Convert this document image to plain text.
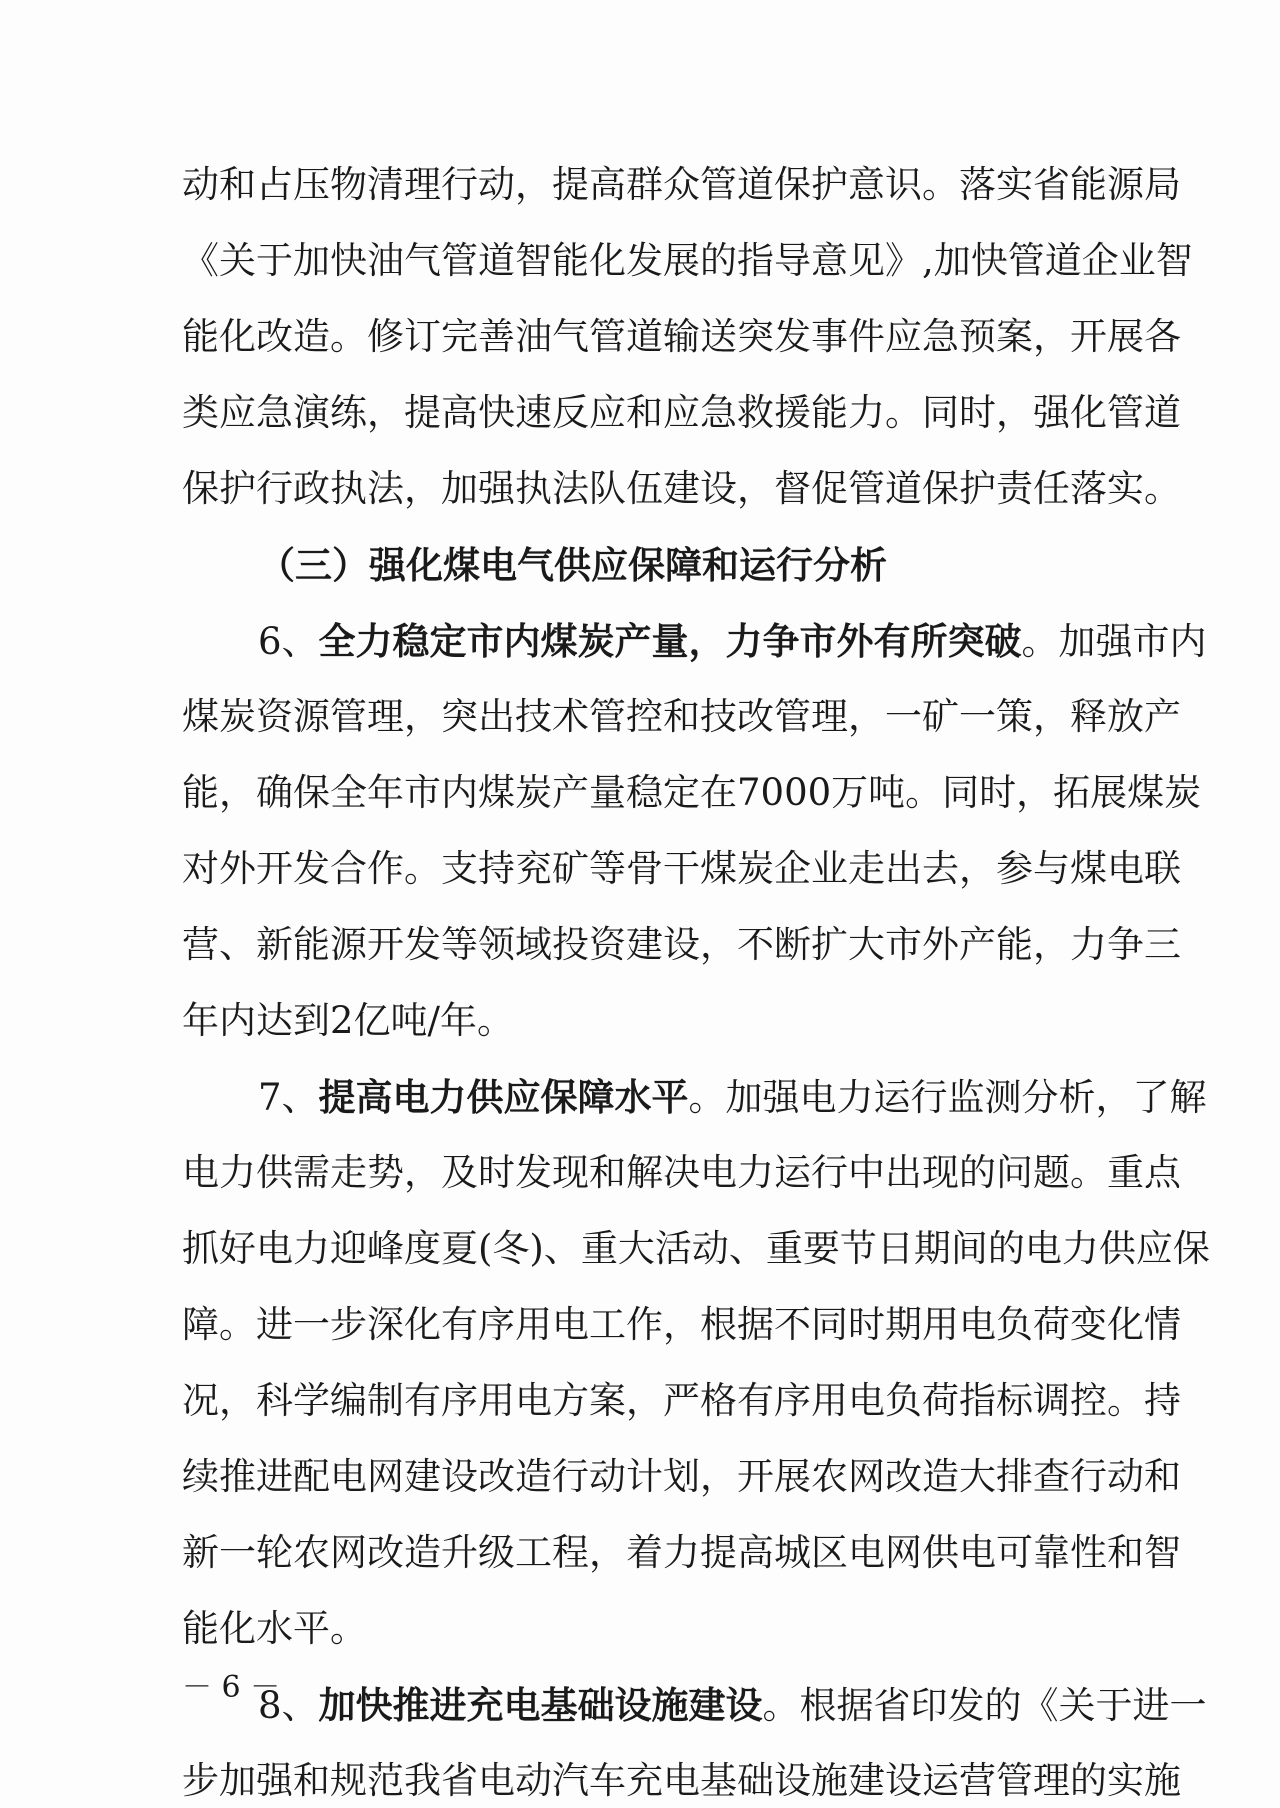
动和占压物清理行动，提高群众管道保护意识。落实省能源局
《关于加快油气管道智能化发展的指导意见》,加快管道企业智
能化改造。修订完善油气管道输送突发事件应急预案，开展各
类应急演练，提高快速反应和应急救援能力。同时，强化管道
保护行政执法，加强执法队伍建设，督促管道保护责任落实。
（三）强化煤电气供应保障和运行分析
6、全力稳定市内煤炭产量，力争市外有所突破。加强市内
煤炭资源管理，突出技术管控和技改管理，一矿一策，释放产
能，确保全年市内煤炭产量稳定在7000万吨。同时，拓展煤炭
对外开发合作。支持兖矿等骨干煤炭企业走出去，参与煤电联
营、新能源开发等领域投资建设，不断扩大市外产能，力争三
年内达到2亿吨/年。
7、提高电力供应保障水平。加强电力运行监测分析，了解
电力供需走势，及时发现和解决电力运行中出现的问题。重点
抓好电力迎峰度夏(冬)、重大活动、重要节日期间的电力供应保
障。进一步深化有序用电工作，根据不同时期用电负荷变化情
况，科学编制有序用电方案，严格有序用电负荷指标调控。持
续推进配电网建设改造行动计划，开展农网改造大排查行动和
新一轮农网改造升级工程，着力提高城区电网供电可靠性和智
能化水平。
8、加快推进充电基础设施建设。根据省印发的《关于进一
步加强和规范我省电动汽车充电基础设施建设运营管理的实施
－ 6 －
